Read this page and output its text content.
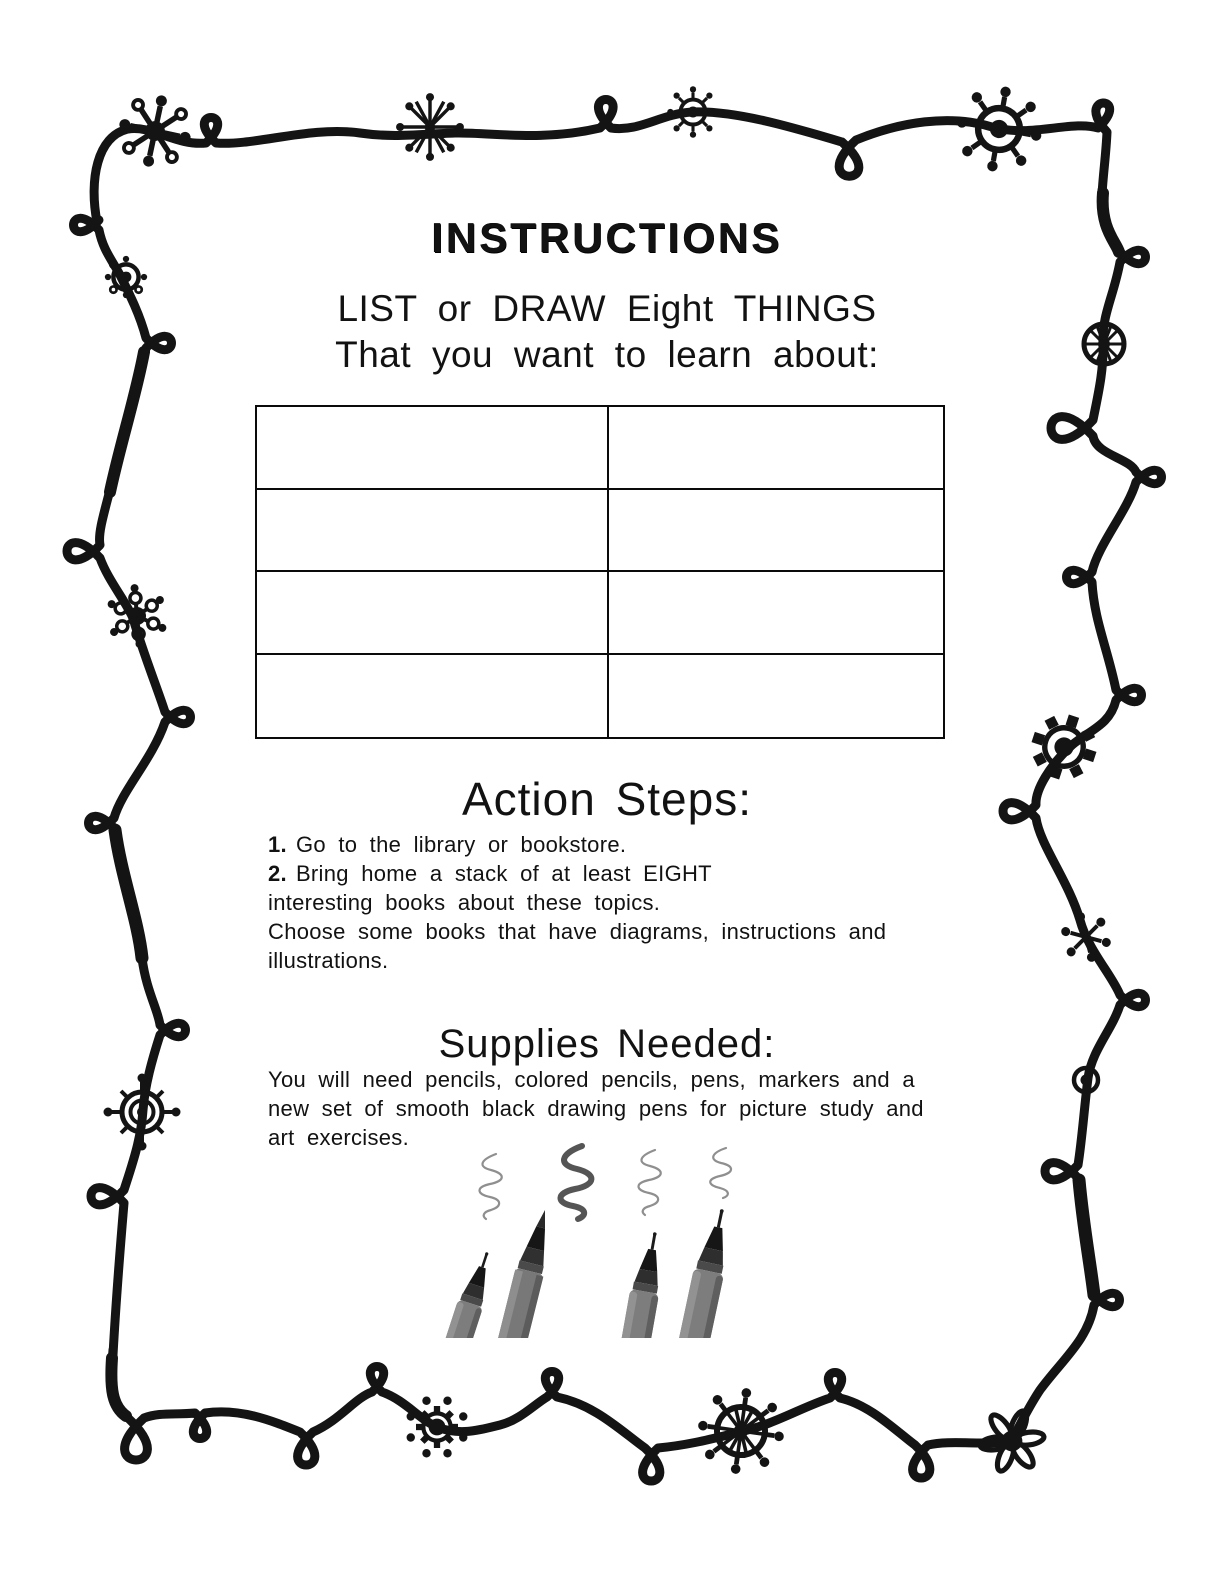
INSTRUCTIONS
LIST or DRAW Eight THINGS
That you want to learn about:
Action Steps:
1. Go to the library or bookstore.
2. Bring home a stack of at least EIGHT
interesting books about these topics.
Choose some books that have diagrams, instructions and
illustrations.
Supplies Needed:
You will need pencils, colored pencils, pens, markers and a
new set of smooth black drawing pens for picture study and
art exercises.
